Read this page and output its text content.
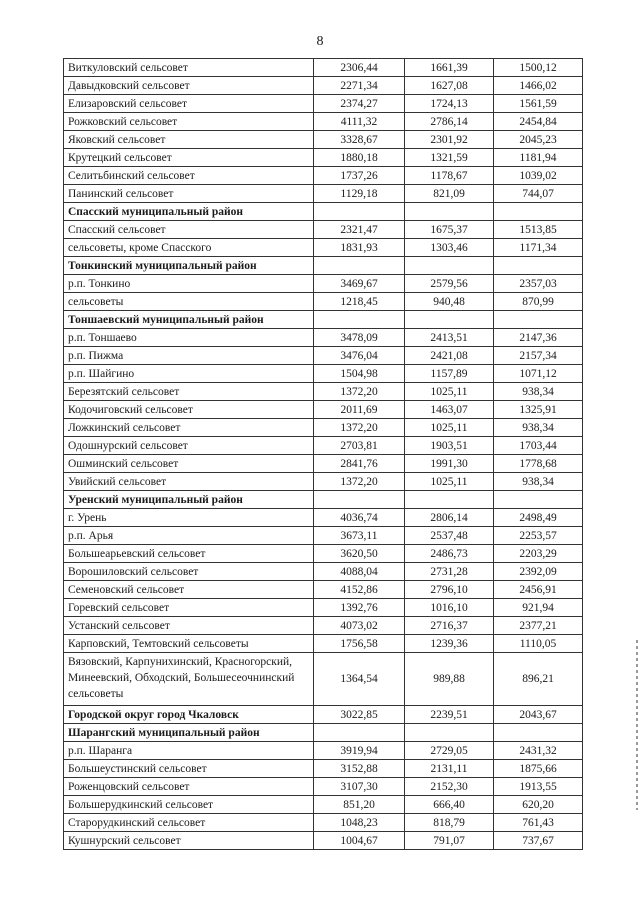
8
Виткуловский сельсовет	2306,44	1661,39	1500,12
Давыдковский сельсовет	2271,34	1627,08	1466,02
Елизаровский сельсовет	2374,27	1724,13	1561,59
Рожковский сельсовет	4111,32	2786,14	2454,84
Яковский сельсовет	3328,67	2301,92	2045,23
Крутецкий сельсовет	1880,18	1321,59	1181,94
Селитьбинский сельсовет	1737,26	1178,67	1039,02
Панинский сельсовет	1129,18	821,09	744,07
Спасский муниципальный район			
Спасский сельсовет	2321,47	1675,37	1513,85
сельсоветы, кроме Спасского	1831,93	1303,46	1171,34
Тонкинский муниципальный район			
р.п. Тонкино	3469,67	2579,56	2357,03
сельсоветы	1218,45	940,48	870,99
Тоншаевский муниципальный район			
р.п. Тоншаево	3478,09	2413,51	2147,36
р.п. Пижма	3476,04	2421,08	2157,34
р.п. Шайгино	1504,98	1157,89	1071,12
Березятский сельсовет	1372,20	1025,11	938,34
Кодочиговский сельсовет	2011,69	1463,07	1325,91
Ложкинский сельсовет	1372,20	1025,11	938,34
Одошнурский сельсовет	2703,81	1903,51	1703,44
Ошминский сельсовет	2841,76	1991,30	1778,68
Увийский сельсовет	1372,20	1025,11	938,34
Уренский муниципальный район			
г. Урень	4036,74	2806,14	2498,49
р.п. Арья	3673,11	2537,48	2253,57
Большеарьевский сельсовет	3620,50	2486,73	2203,29
Ворошиловский сельсовет	4088,04	2731,28	2392,09
Семеновский сельсовет	4152,86	2796,10	2456,91
Горевский сельсовет	1392,76	1016,10	921,94
Устанский сельсовет	4073,02	2716,37	2377,21
Карповский, Темтовский сельсоветы	1756,58	1239,36	1110,05
Вязовский, Карпунихинский, Красногорский, Минеевский, Обходский, Большесеочнинский сельсоветы	1364,54	989,88	896,21
Городской округ город Чкаловск	3022,85	2239,51	2043,67
Шарангский муниципальный район			
р.п. Шаранга	3919,94	2729,05	2431,32
Большеустинский сельсовет	3152,88	2131,11	1875,66
Роженцовский сельсовет	3107,30	2152,30	1913,55
Большерудкинский сельсовет	851,20	666,40	620,20
Старорудкинский сельсовет	1048,23	818,79	761,43
Кушнурский сельсовет	1004,67	791,07	737,67
